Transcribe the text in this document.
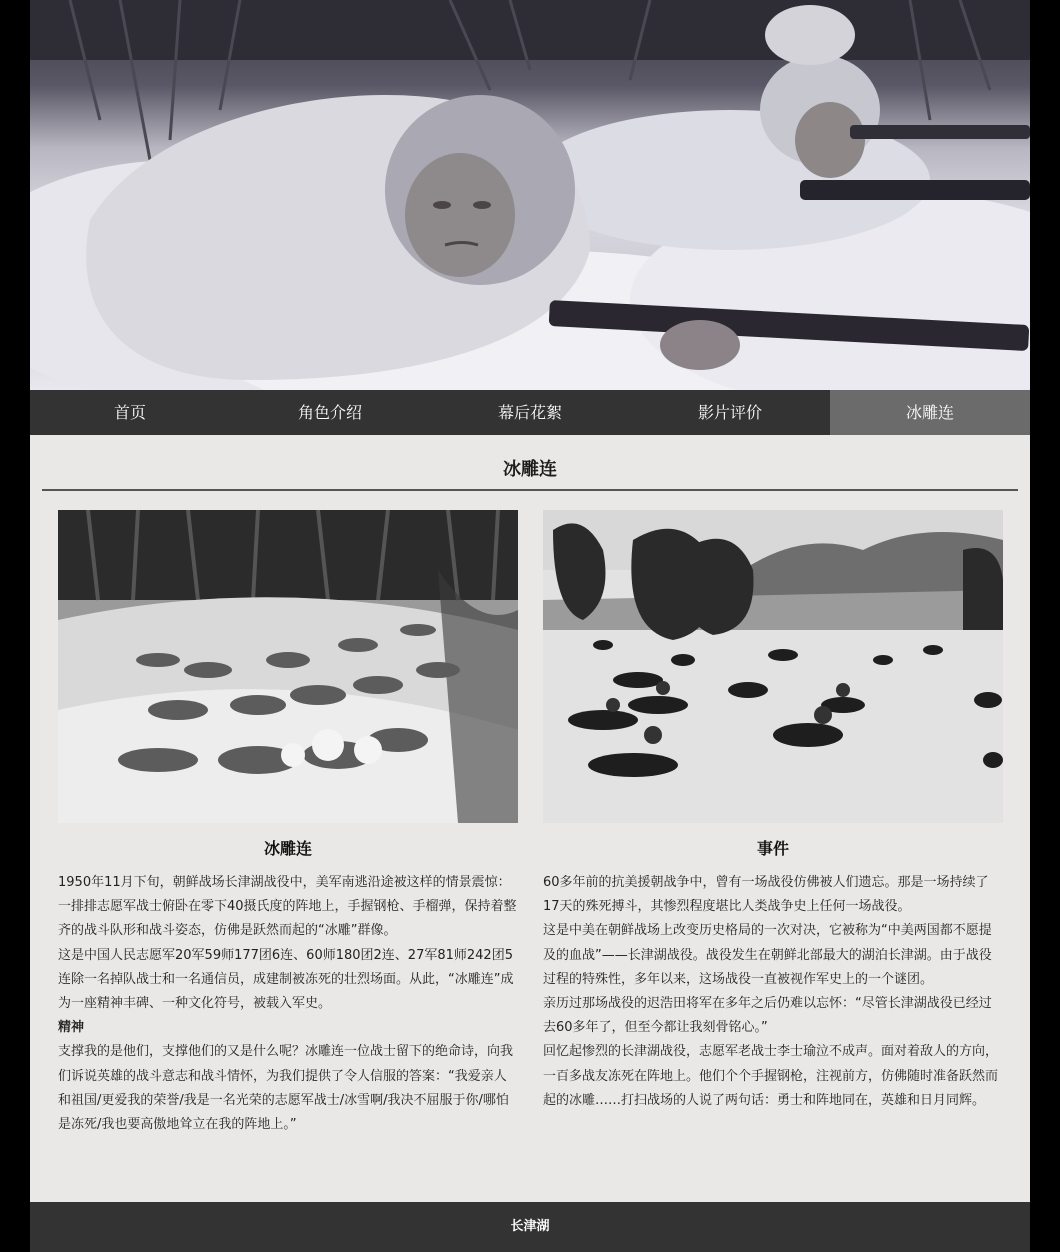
首页	角色介绍	幕后花絮	影片评价	冰雕连
冰雕连
冰雕连

1950年11月下旬，朝鲜战场长津湖战役中，美军南逃沿途被这样的情景震惊：一排排志愿军战士俯卧在零下40摄氏度的阵地上，手握钢枪、手榴弹，保持着整齐的战斗队形和战斗姿态，仿佛是跃然而起的“冰雕”群像。

这是中国人民志愿军20军59师177团6连、60师180团2连、27军81师242团5连除一名掉队战士和一名通信员，成建制被冻死的壮烈场面。从此，“冰雕连”成为一座精神丰碑、一种文化符号，被载入军史。

精神

支撑我的是他们，支撑他们的又是什么呢？冰雕连一位战士留下的绝命诗，向我们诉说英雄的战斗意志和战斗情怀，为我们提供了令人信服的答案：“我爱亲人和祖国/更爱我的荣誉/我是一名光荣的志愿军战士/冰雪啊/我决不屈服于你/哪怕是冻死/我也要高傲地耸立在我的阵地上。”

事件

60多年前的抗美援朝战争中，曾有一场战役仿佛被人们遗忘。那是一场持续了17天的殊死搏斗，其惨烈程度堪比人类战争史上任何一场战役。

这是中美在朝鲜战场上改变历史格局的一次对决，它被称为“中美两国都不愿提及的血战”——长津湖战役。战役发生在朝鲜北部最大的湖泊长津湖。由于战役过程的特殊性，多年以来，这场战役一直被视作军史上的一个谜团。

亲历过那场战役的迟浩田将军在多年之后仍难以忘怀：“尽管长津湖战役已经过去60多年了，但至今都让我刻骨铭心。”

回忆起惨烈的长津湖战役，志愿军老战士李士瑜泣不成声。面对着敌人的方向，一百多战友冻死在阵地上。他们个个手握钢枪，注视前方，仿佛随时准备跃然而起的冰雕……打扫战场的人说了两句话：勇士和阵地同在，英雄和日月同辉。

长津湖
